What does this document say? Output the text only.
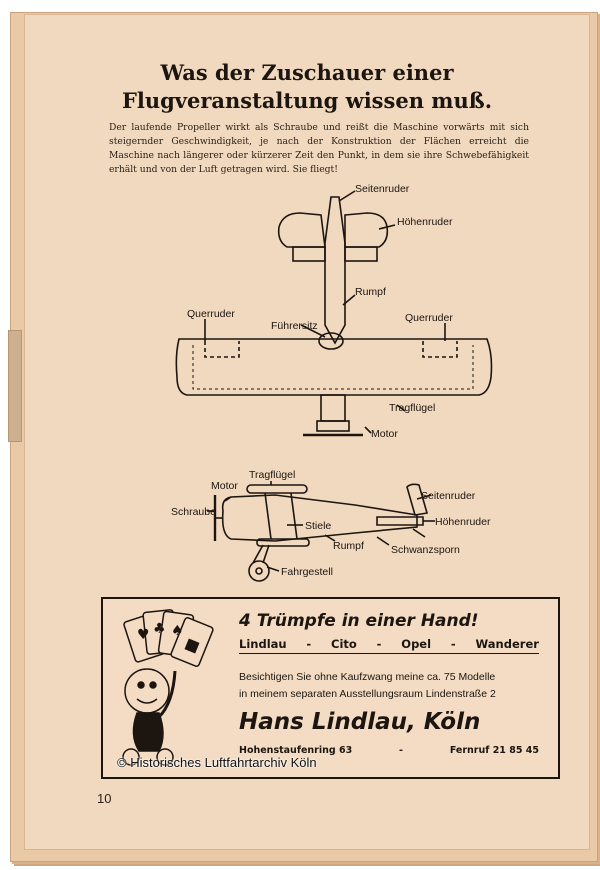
Was der Zuschauer einer
Flugveranstaltung wissen muß.
Der laufende Propeller wirkt als Schraube und reißt die Maschine vorwärts mit sich steigernder Geschwindigkeit, je nach der Konstruktion der Flächen erreicht die Maschine nach längerer oder kürzerer Zeit den Punkt, in dem sie ihre Schwebefähigkeit erhält und von der Luft getragen wird. Sie fliegt!
Seitenruder
Höhenruder
Rumpf
Querruder	Querruder
Führersitz
Tragflügel
Motor
Tragflügel
Motor
Seitenruder
Schraube
Stiele	Höhenruder
Rumpf	Schwanzsporn
Fahrgestell
♥ ♣ ♠	4 Trümpfe in einer Hand!
Lindlau - Cito - Opel - Wanderer
Besichtigen Sie ohne Kaufzwang meine ca. 75 Modelle
in meinem separaten Ausstellungsraum Lindenstraße 2
Hans Lindlau, Köln
Hohenstaufenring 63	-	Fernruf 21 85 45
10
© Historisches Luftfahrtarchiv Köln
